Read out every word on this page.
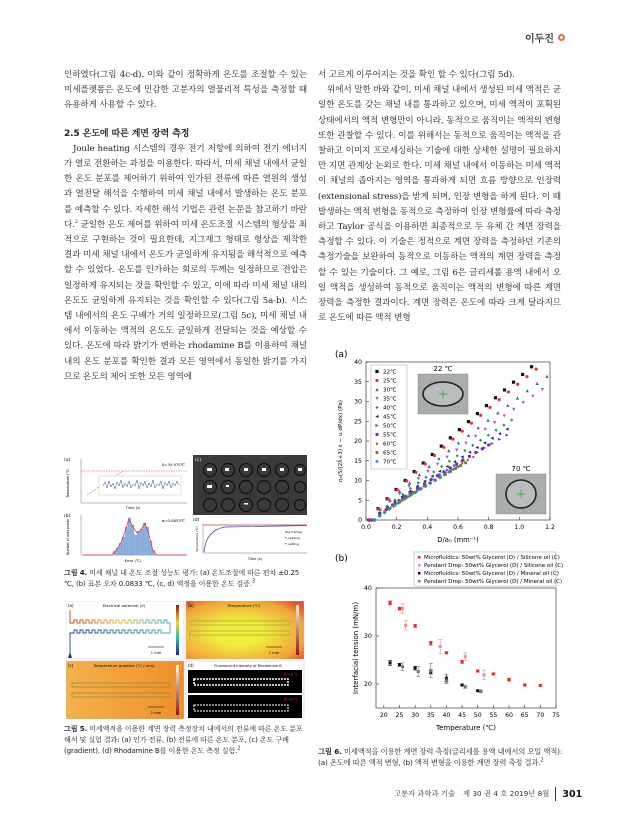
이두진

인하였다(그림 4c-d). 이와 같이 정확하게 온도를 조절할 수 있는 미세플랫폼은 온도에 민감한 고분자의 열물리적 특성을 측정할 때 유용하게 사용할 수 있다.

2.5 온도에 따른 계면 장력 측정

Joule heating 시스템의 경우 전기 저항에 의하여 전기 에너지가 열로 전환하는 과정을 이용한다. 따라서, 미세 채널 내에서 균일한 온도 분포를 제어하기 위하여 인가된 전류에 따른 열원의 생성과 열전달 해석을 수행하여 미세 채널 내에서 발생하는 온도 분포를 예측할 수 있다. 자세한 해석 기법은 관련 논문을 참고하기 바란다.$^2$ 균일한 온도 제어를 위하여 미세 온도조절 시스템의 형상을 최적으로 구현하는 것이 필요한데, 지그재그 형태로 형상을 제작한 결과 미세 채널 내에서 온도가 균일하게 유지됨을 해석적으로 예측할 수 있었다. 온도를 인가하는 회로의 두께는 일정하므로 전압은 일정하게 유지되는 것을 확인할 수 있고, 이에 따라 미세 채널 내의 온도도 균일하게 유지되는 것을 확인할 수 있다(그림 5a-b). 시스템 내에서의 온도 구배가 거의 일정하므로(그림 5c), 미세 채널 내에서 이동하는 액적의 온도도 균일하게 전달되는 것을 예상할 수 있다. 온도에 따라 밝기가 변하는 rhodamine B를 이용하여 채널 내의 온도 분포를 확인한 결과 모든 영역에서 동일한 밝기를 가지므로 온도의 제어 또한 모든 영역에

서 고르게 이루어지는 것을 확인 할 수 있다(그림 5d).

위에서 말한 바와 같이, 미세 채널 내에서 생성된 미세 액적은 균일한 온도를 갖는 채널 내를 통과하고 있으며, 미세 액적이 포획된 상태에서의 액적 변형만이 아니라, 동적으로 움직이는 액적의 변형 또한 관찰할 수 있다. 이를 위해서는 동적으로 움직이는 액적을 관찰하고 이미지 프로세싱하는 기술에 대한 상세한 설명이 필요하지만 지면 관계상 논외로 한다. 미세 채널 내에서 이동하는 미세 액적이 채널의 좁아지는 영역을 통과하게 되면 흐름 방향으로 인장력(extensional stress)을 받게 되며, 인장 변형을 하게 된다. 이 때 발생하는 액적 변형을 동적으로 측정하여 인장 변형률에 따라 측정하고 Taylor 공식을 이용하면 최종적으로 두 유체 간 계면 장력을 측정할 수 있다. 이 기술은 정적으로 계면 장력을 측정하던 기존의 측정기술을 보완하여 동적으로 이동하는 액적의 계면 장력을 측정할 수 있는 기술이다. 그 예로, 그림 6은 글리세롤 용액 내에서 오일 액적을 생성하여 동적으로 움직이는 액적의 변형에 따른 계면 장력을 측정한 결과이다. 계면 장력은 온도에 따라 크게 달라지므로 온도에 따른 액적 변형

(a)
δ=34.975℃
Temperature (℃)
Time (s)
(b)
σ=0.0833℃
Number of data points
Error (℃)
(c)
(d)
Key frames
T_reading
T_setting
Temperature (℃)
Time (s)
그림 4. 미세 채널 내 온도 조절 성능도 평가: (a) 온도조절에 따른 편차 ±0.25 ℃, (b) 표본 오차 0.0833 ℃, (c, d) 액정을 이용한 온도 검증.$^3$
(a)	Electrical potential (V)
1 mm
(b)	Temperature (°C)
1 mm
(c)	Temperature gradient (°C / mm)
1 mm
(d)	Fluorescent intensity of Rhodamine B
At 20 °C
At 40 °C
그림 5. 미세액적을 이용한 계면 장력 측정장치 내에서의 전류에 따른 온도 분포 해석 및 실험 결과: (a) 인가 전류, (b) 전류에 따른 온도 분포, (c) 온도 구배(gradient), (d) Rhodamine B를 이용한 온도 측정 실험.$^2$
(a)
0.0	0.2	0.4	0.6	0.8	1.0	1.2
0
5
10
15
20
25
30
35
40
D/a₀ (mm⁻¹)
ηₑ(5/(2λ̂+3) ε̇ − u dP/dx) (Pa)
22℃
25℃
30℃
35℃
40℃
45℃
50℃
55℃
60℃
65℃
70℃
22 ℃
70 ℃
(b)
20 25 30 35 40 45 50 55 60 65 70 75
20
30
40
Temperature (℃)
Interfacial tension (mN/m)
Microfluidics: 50wt% Glycerol (D) / Silicone oil (C)
Pendant Drop: 50wt% Glycerol (D) / Silicone oil (C)
Microfluidics: 50wt% Glycerol (D) / Mineral oil (C)
Pendant Drop: 50wt% Glycerol (D) / Mineral oil (C)
그림 6. 미세액적을 이용한 계면 장력 측정(글리세롤 용액 내에서의 오일 액적): (a) 온도에 따른 액적 변형, (b) 액적 변형을 이용한 계면 장력 측정 결과.$^2$
고분자 과학과 기술 제 30 권 4 호 2019년 8월 301
